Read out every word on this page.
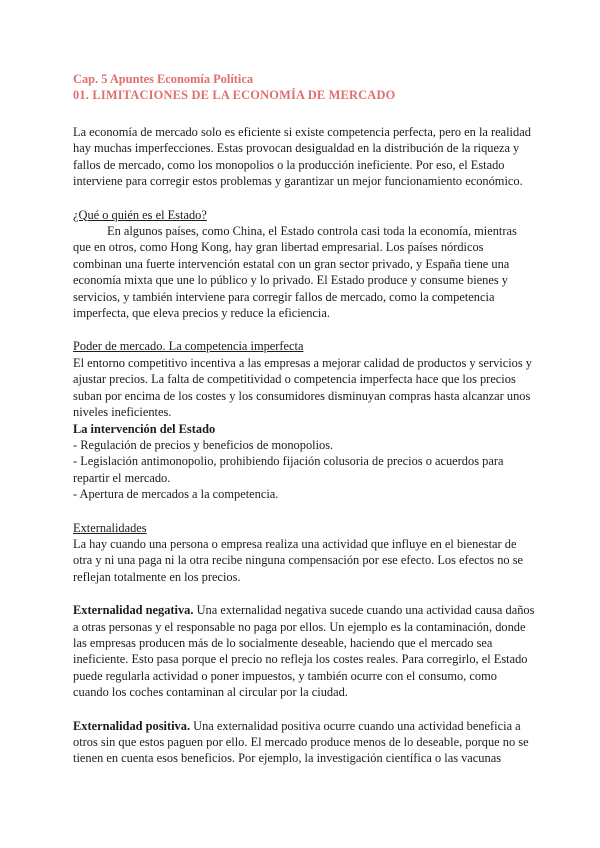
Cap. 5 Apuntes Economía Política

01. LIMITACIONES DE LA ECONOMÍA DE MERCADO

La economía de mercado solo es eficiente si existe competencia perfecta, pero en la realidad hay muchas imperfecciones. Estas provocan desigualdad en la distribución de la riqueza y fallos de mercado, como los monopolios o la producción ineficiente. Por eso, el Estado interviene para corregir estos problemas y garantizar un mejor funcionamiento económico.

¿Qué o quién es el Estado?

En algunos países, como China, el Estado controla casi toda la economía, mientras que en otros, como Hong Kong, hay gran libertad empresarial. Los países nórdicos combinan una fuerte intervención estatal con un gran sector privado, y España tiene una economía mixta que une lo público y lo privado. El Estado produce y consume bienes y servicios, y también interviene para corregir fallos de mercado, como la competencia imperfecta, que eleva precios y reduce la eficiencia.

Poder de mercado. La competencia imperfecta

El entorno competitivo incentiva a las empresas a mejorar calidad de productos y servicios y ajustar precios. La falta de competitividad o competencia imperfecta hace que los precios suban por encima de los costes y los consumidores disminuyan compras hasta alcanzar unos niveles ineficientes.

La intervención del Estado

- Regulación de precios y beneficios de monopolios.

- Legislación antimonopolio, prohibiendo fijación colusoria de precios o acuerdos para repartir el mercado.

- Apertura de mercados a la competencia.

Externalidades

La hay cuando una persona o empresa realiza una actividad que influye en el bienestar de otra y ni una paga ni la otra recibe ninguna compensación por ese efecto. Los efectos no se reflejan totalmente en los precios.

Externalidad negativa. Una externalidad negativa sucede cuando una actividad causa daños a otras personas y el responsable no paga por ellos. Un ejemplo es la contaminación, donde las empresas producen más de lo socialmente deseable, haciendo que el mercado sea ineficiente. Esto pasa porque el precio no refleja los costes reales. Para corregirlo, el Estado puede regularla actividad o poner impuestos, y también ocurre con el consumo, como cuando los coches contaminan al circular por la ciudad.

Externalidad positiva. Una externalidad positiva ocurre cuando una actividad beneficia a otros sin que estos paguen por ello. El mercado produce menos de lo deseable, porque no se tienen en cuenta esos beneficios. Por ejemplo, la investigación científica o las vacunas
